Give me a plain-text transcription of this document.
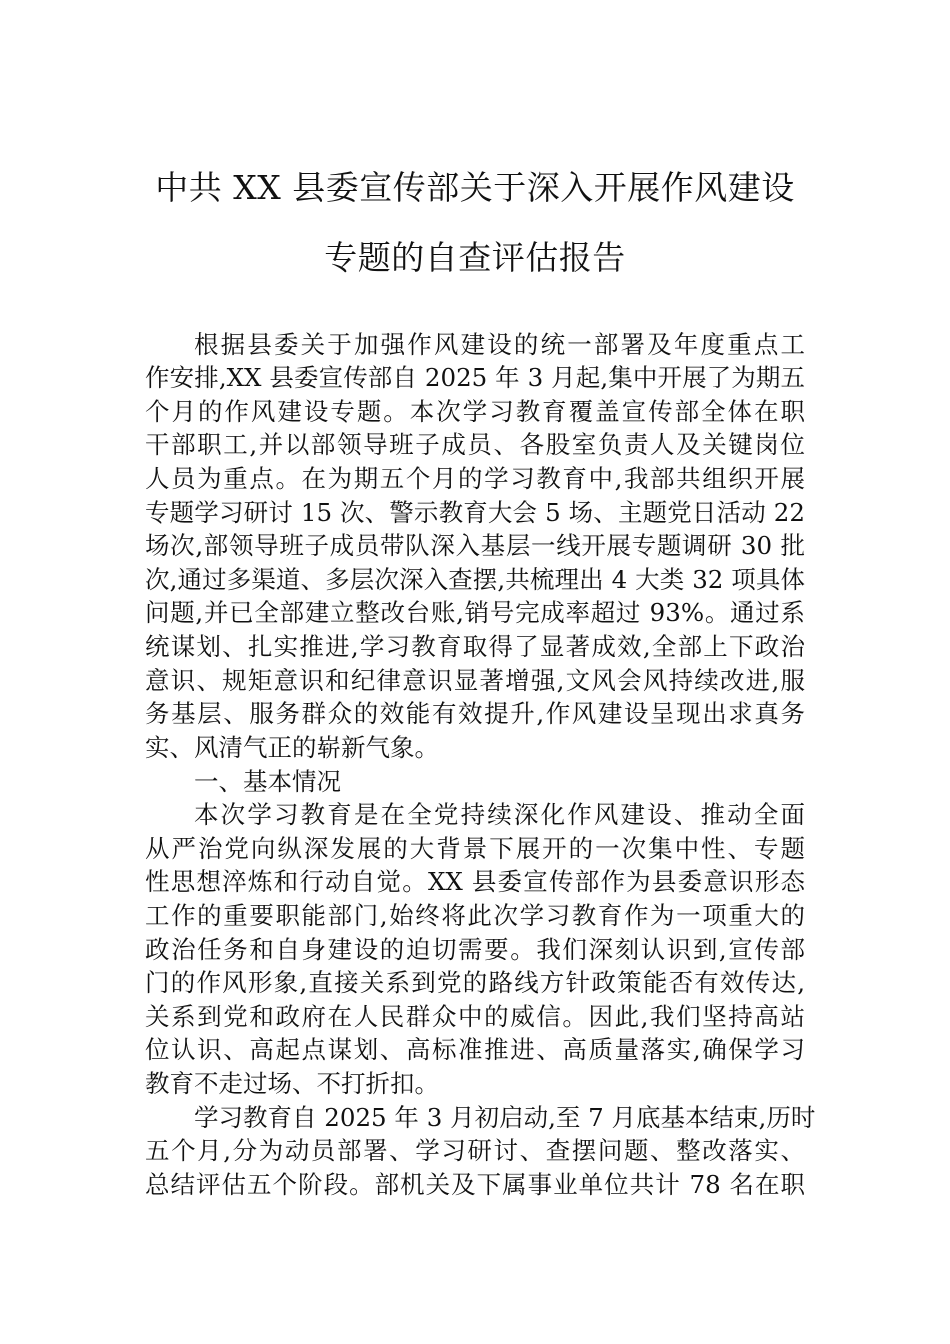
中共 XX 县委宣传部关于深入开展作风建设
专题的自查评估报告
根据县委关于加强作风建设的统一部署及年度重点工
作安排,XX 县委宣传部自 2025 年 3 月起,集中开展了为期五
个月的作风建设专题。本次学习教育覆盖宣传部全体在职
干部职工,并以部领导班子成员、各股室负责人及关键岗位
人员为重点。在为期五个月的学习教育中,我部共组织开展
专题学习研讨 15 次、警示教育大会 5 场、主题党日活动 22
场次,部领导班子成员带队深入基层一线开展专题调研 30 批
次,通过多渠道、多层次深入查摆,共梳理出 4 大类 32 项具体
问题,并已全部建立整改台账,销号完成率超过 93%。通过系
统谋划、扎实推进,学习教育取得了显著成效,全部上下政治
意识、规矩意识和纪律意识显著增强,文风会风持续改进,服
务基层、服务群众的效能有效提升,作风建设呈现出求真务
实、风清气正的崭新气象。
一、基本情况
本次学习教育是在全党持续深化作风建设、推动全面
从严治党向纵深发展的大背景下展开的一次集中性、专题
性思想淬炼和行动自觉。XX 县委宣传部作为县委意识形态
工作的重要职能部门,始终将此次学习教育作为一项重大的
政治任务和自身建设的迫切需要。我们深刻认识到,宣传部
门的作风形象,直接关系到党的路线方针政策能否有效传达,
关系到党和政府在人民群众中的威信。因此,我们坚持高站
位认识、高起点谋划、高标准推进、高质量落实,确保学习
教育不走过场、不打折扣。
学习教育自 2025 年 3 月初启动,至 7 月底基本结束,历时
五个月,分为动员部署、学习研讨、查摆问题、整改落实、
总结评估五个阶段。部机关及下属事业单位共计 78 名在职
